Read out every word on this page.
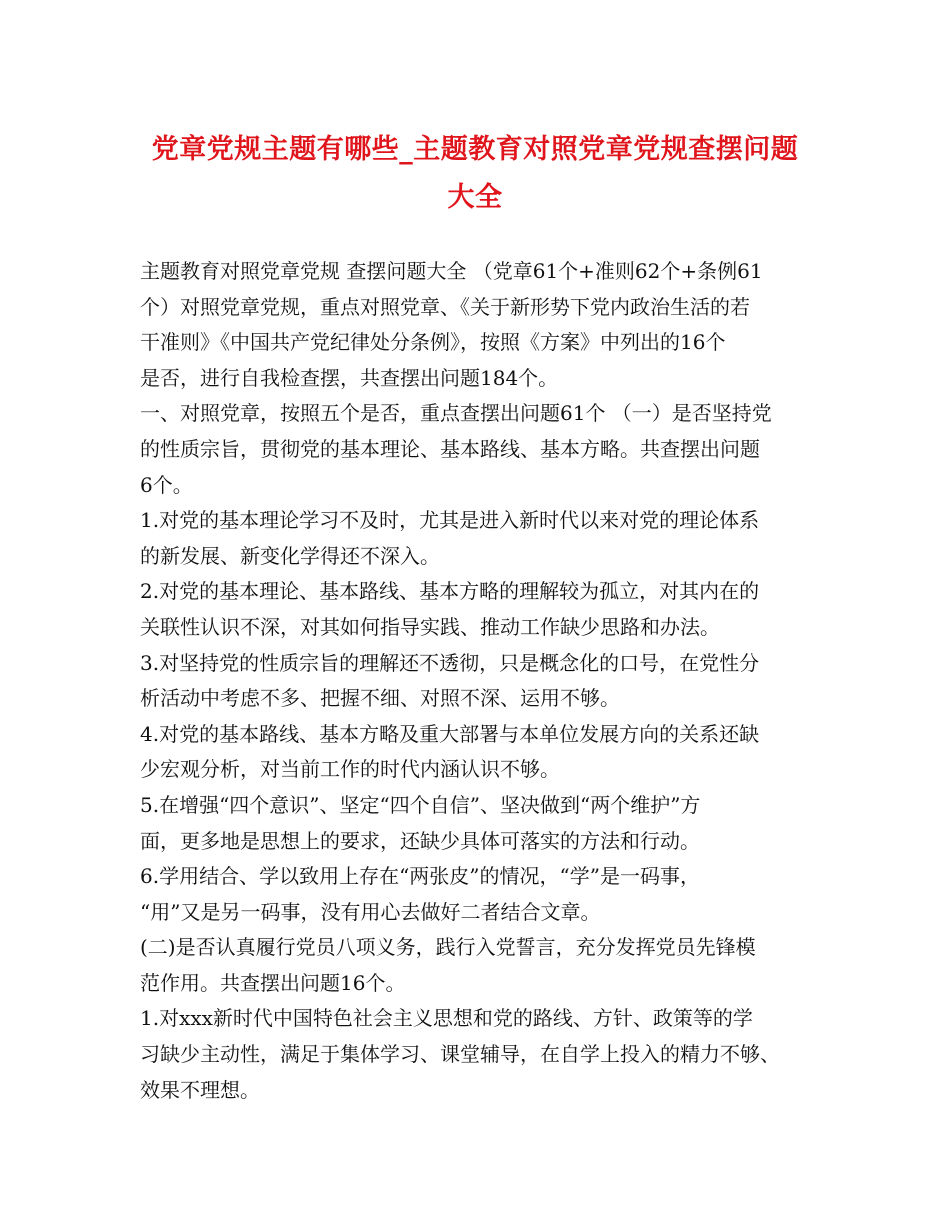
党章党规主题有哪些_主题教育对照党章党规查摆问题
大全
主题教育对照党章党规 查摆问题大全 （党章61个+准则62个+条例61
个）对照党章党规，重点对照党章、《关于新形势下党内政治生活的若
干准则》《中国共产党纪律处分条例》，按照《方案》中列出的16个
是否，进行自我检查摆，共查摆出问题184个。
一、对照党章，按照五个是否，重点查摆出问题61个 （一）是否坚持党
的性质宗旨，贯彻党的基本理论、基本路线、基本方略。共查摆出问题
6个。
1.对党的基本理论学习不及时，尤其是进入新时代以来对党的理论体系
的新发展、新变化学得还不深入。
2.对党的基本理论、基本路线、基本方略的理解较为孤立，对其内在的
关联性认识不深，对其如何指导实践、推动工作缺少思路和办法。
3.对坚持党的性质宗旨的理解还不透彻，只是概念化的口号，在党性分
析活动中考虑不多、把握不细、对照不深、运用不够。
4.对党的基本路线、基本方略及重大部署与本单位发展方向的关系还缺
少宏观分析，对当前工作的时代内涵认识不够。
5.在增强“四个意识”、坚定“四个自信”、坚决做到“两个维护”方
面，更多地是思想上的要求，还缺少具体可落实的方法和行动。
6.学用结合、学以致用上存在“两张皮”的情况，“学”是一码事，
“用”又是另一码事，没有用心去做好二者结合文章。
(二)是否认真履行党员八项义务，践行入党誓言，充分发挥党员先锋模
范作用。共查摆出问题16个。
1.对xxx新时代中国特色社会主义思想和党的路线、方针、政策等的学
习缺少主动性，满足于集体学习、课堂辅导，在自学上投入的精力不够、
效果不理想。
